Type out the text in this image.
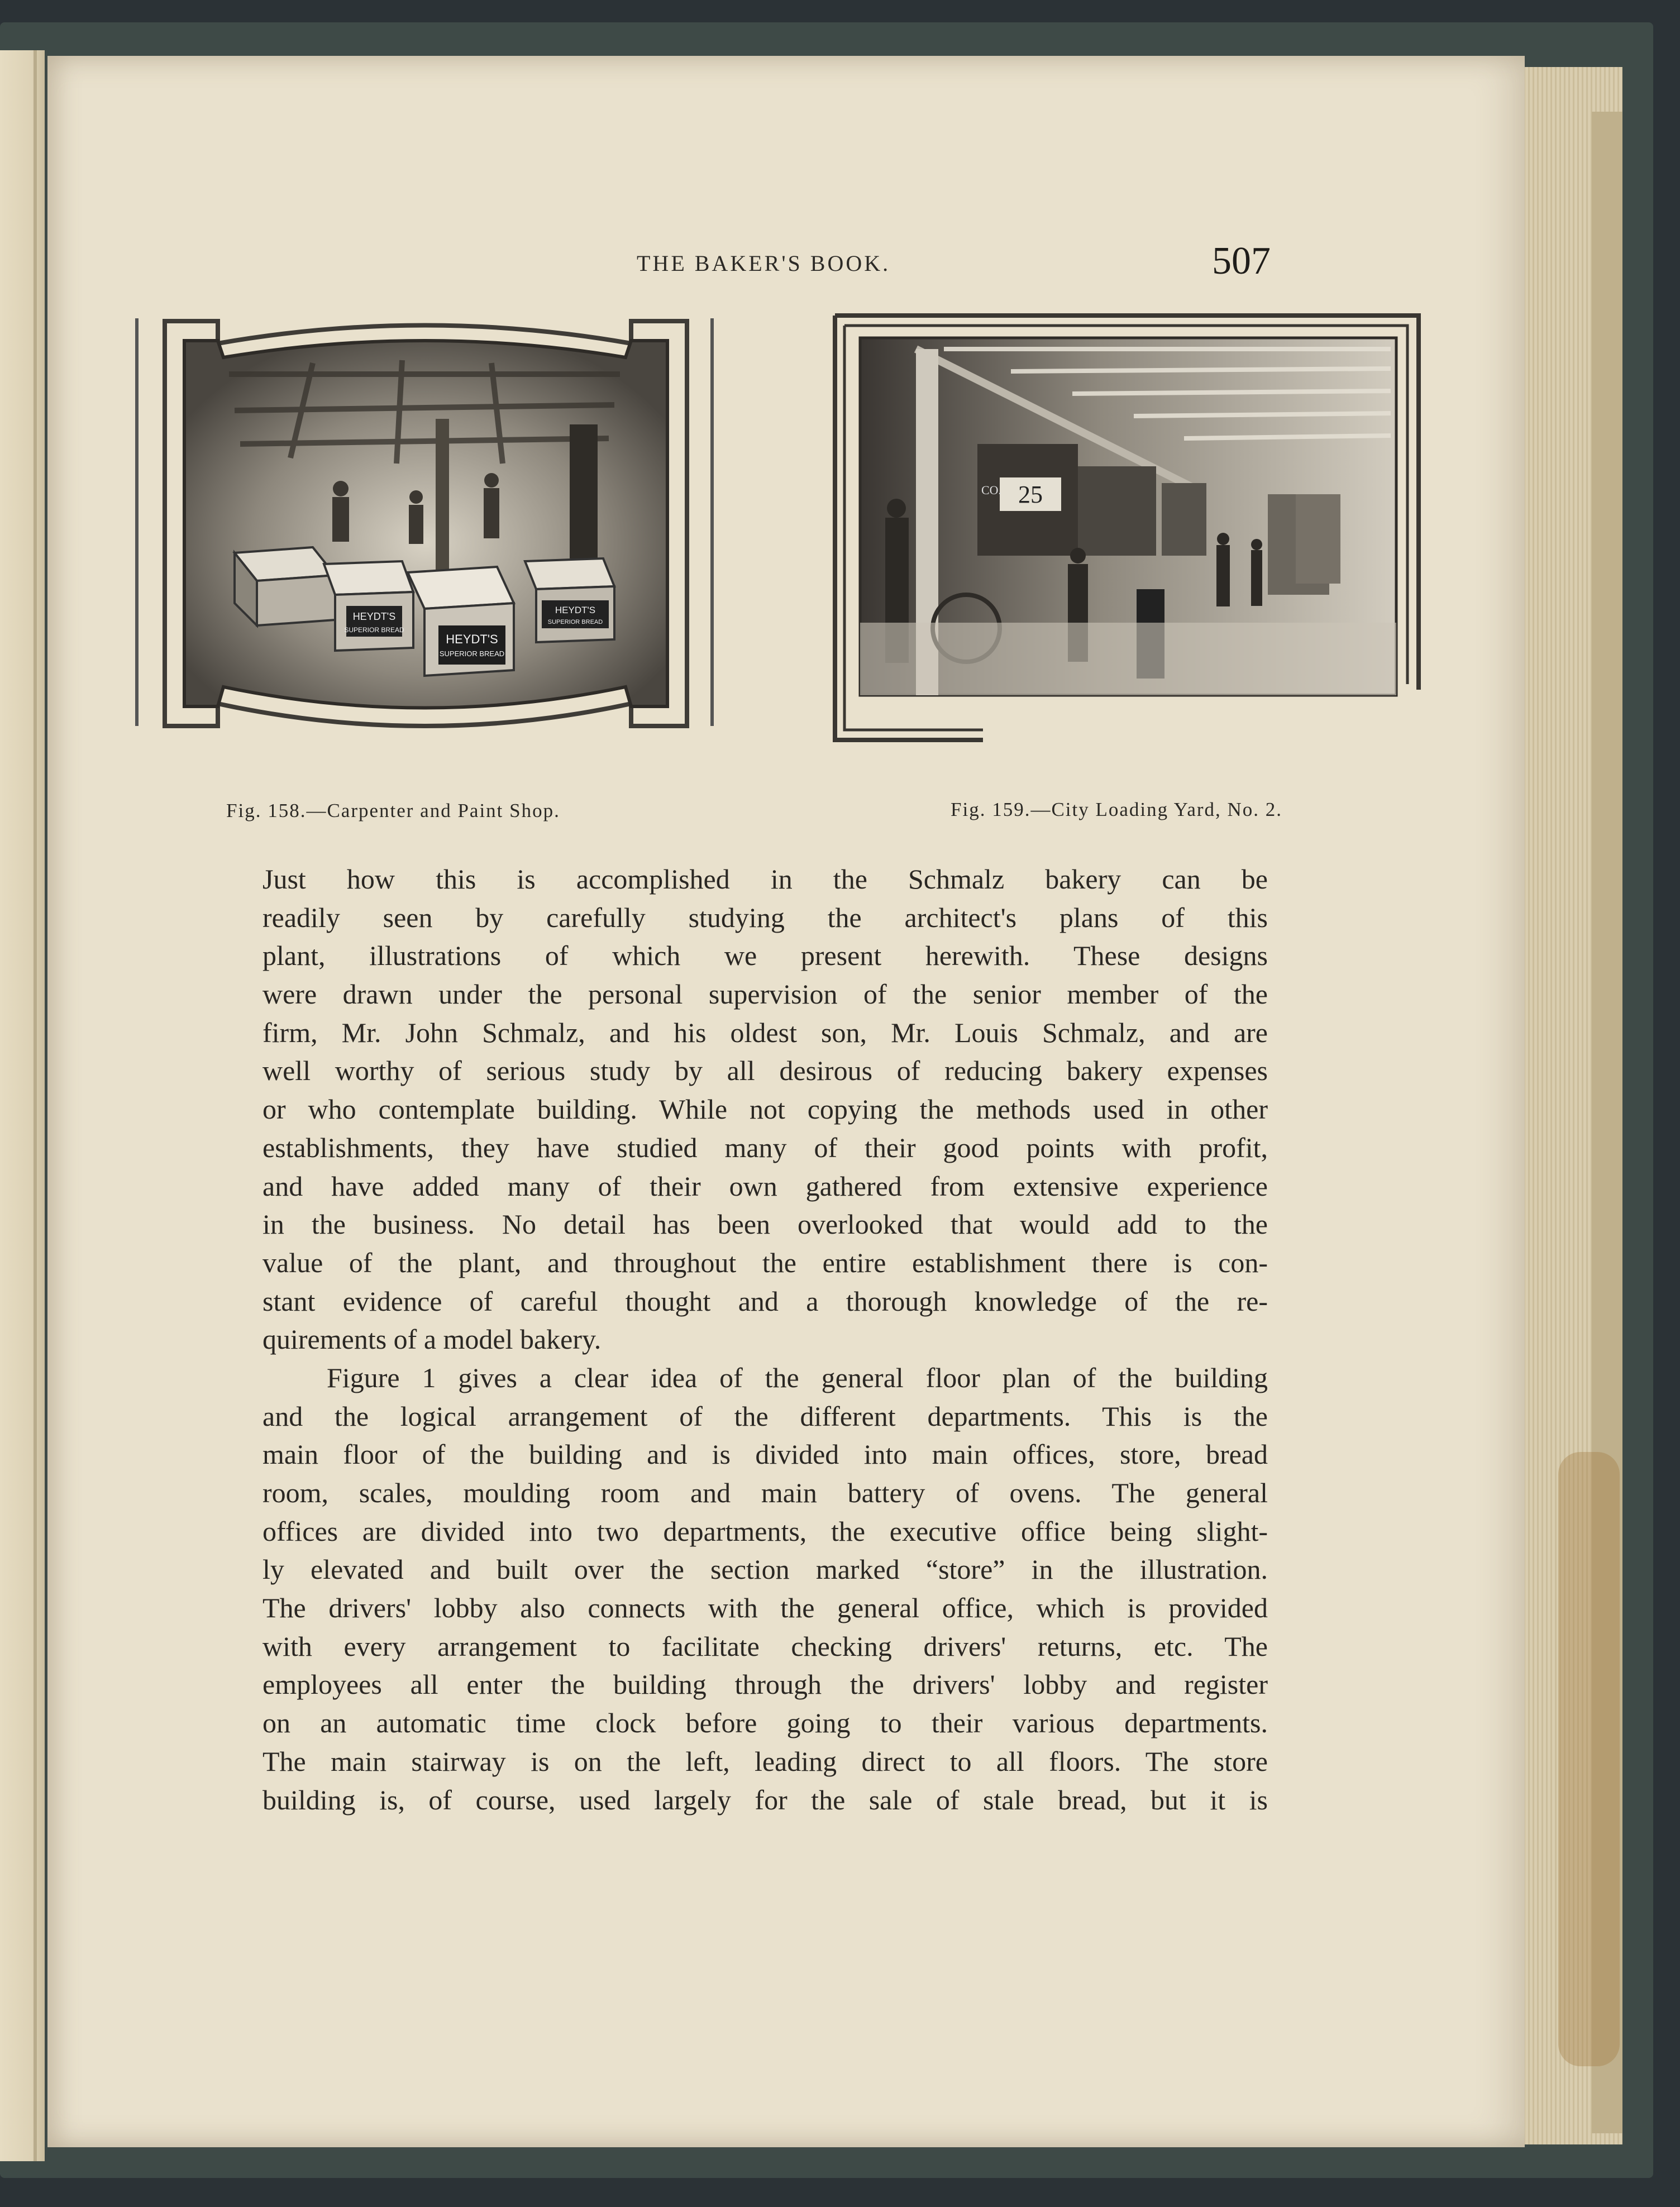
THE BAKER'S BOOK.	507
HEYDT'S
SUPERIOR BREAD
HEYDT'S
SUPERIOR BREAD
HEYDT'S
SUPERIOR BREAD
Fig. 158.—Carpenter and Paint Shop.
25
CO.
Fig. 159.—City Loading Yard, No. 2.
Just how this is accomplished in the Schmalz bakery can be
readily seen by carefully studying the architect's plans of this
plant, illustrations of which we present herewith. These designs
were drawn under the personal supervision of the senior member of the
firm, Mr. John Schmalz, and his oldest son, Mr. Louis Schmalz, and are
well worthy of serious study by all desirous of reducing bakery expenses
or who contemplate building. While not copying the methods used in other
establishments, they have studied many of their good points with profit,
and have added many of their own gathered from extensive experience
in the business. No detail has been overlooked that would add to the
value of the plant, and throughout the entire establishment there is con-
stant evidence of careful thought and a thorough knowledge of the re-
quirements of a model bakery.
Figure 1 gives a clear idea of the general floor plan of the building
and the logical arrangement of the different departments. This is the
main floor of the building and is divided into main offices, store, bread
room, scales, moulding room and main battery of ovens. The general
offices are divided into two departments, the executive office being slight-
ly elevated and built over the section marked “store” in the illustration.
The drivers' lobby also connects with the general office, which is provided
with every arrangement to facilitate checking drivers' returns, etc. The
employees all enter the building through the drivers' lobby and register
on an automatic time clock before going to their various departments.
The main stairway is on the left, leading direct to all floors. The store
building is, of course, used largely for the sale of stale bread, but it is
